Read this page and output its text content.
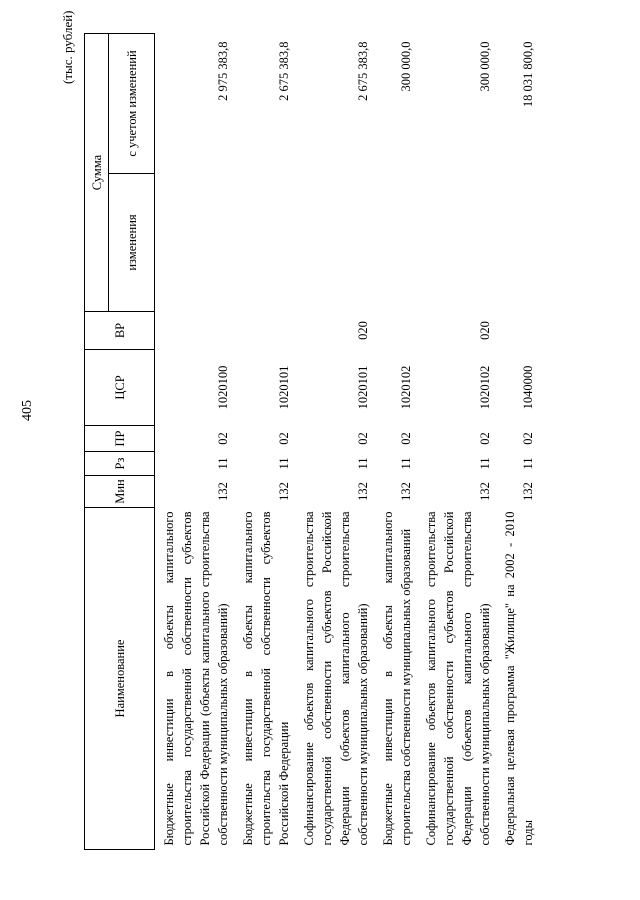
405
(тыс. рублей)
Наименование	Мин	Рз	ПР	ЦСР	ВР	Сумма	
						изменения	с учетом изменений
Бюджетные инвестиции в объекты капитального строительства государственной собственности субъектов Российской Федерации (объекты капитального строительства собственности муниципальных образований)	132	11	02	1020100			2 975 383,8
Бюджетные инвестиции в объекты капитального строительства государственной собственности субъектов Российской Федерации	132	11	02	1020101			2 675 383,8
Софинансирование объектов капитального строительства государственной собственности субъектов Российской Федерации (объектов капитального строительства собственности муниципальных образований)	132	11	02	1020101	020		2 675 383,8
Бюджетные инвестиции в объекты капитального строительства собственности муниципальных образований	132	11	02	1020102			300 000,0
Софинансирование объектов капитального строительства государственной собственности субъектов Российской Федерации (объектов капитального строительства собственности муниципальных образований)	132	11	02	1020102	020		300 000,0
Федеральная целевая программа "Жилище" на 2002 - 2010 годы	132	11	02	1040000			18 031 800,0
